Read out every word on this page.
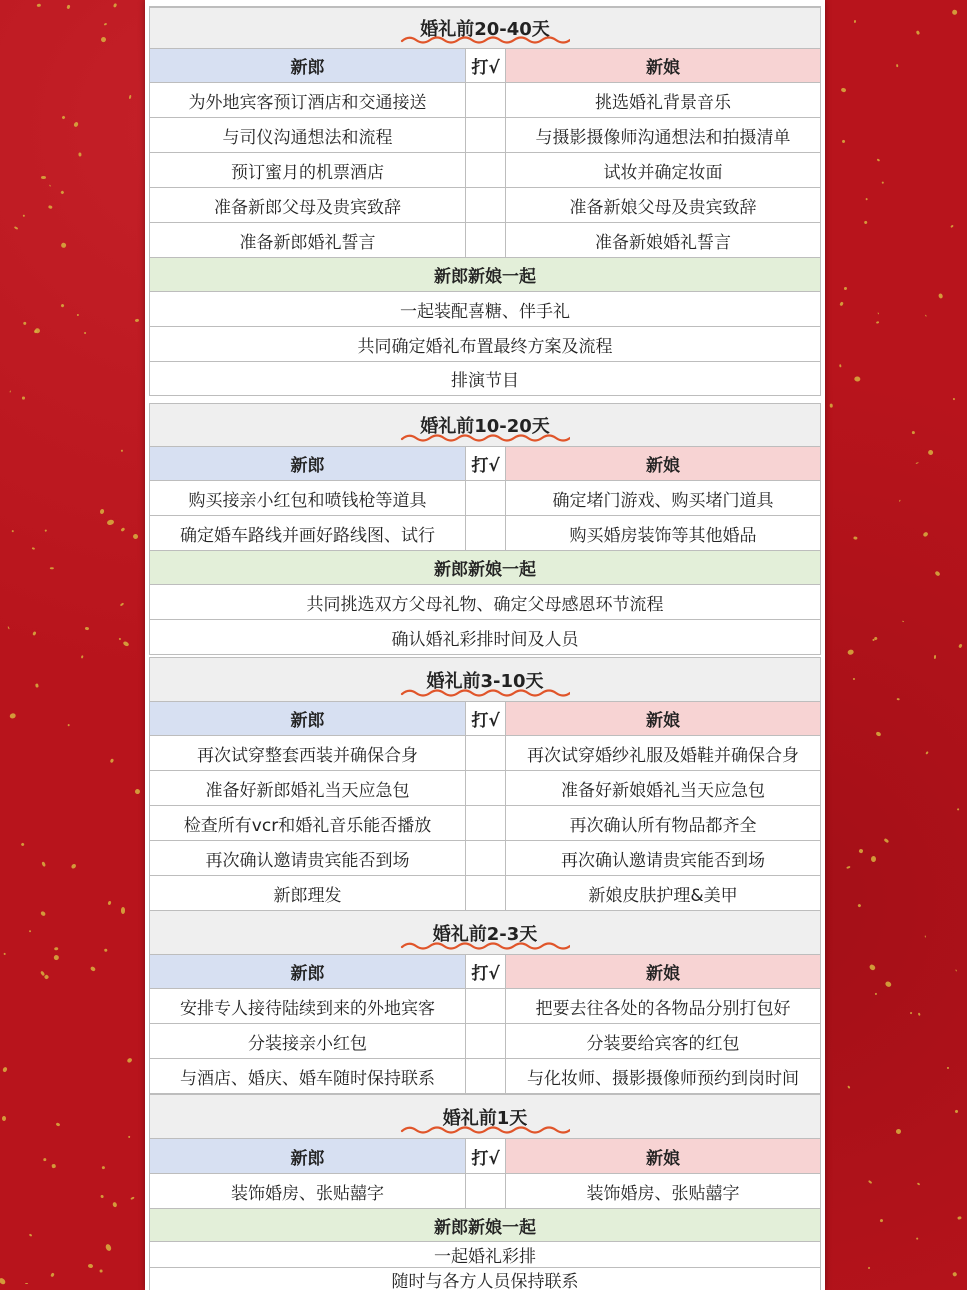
婚礼前20-40天
新郎	打√	新娘
为外地宾客预订酒店和交通接送	挑选婚礼背景音乐
与司仪沟通想法和流程	与摄影摄像师沟通想法和拍摄清单
预订蜜月的机票酒店	试妆并确定妆面
准备新郎父母及贵宾致辞	准备新娘父母及贵宾致辞
准备新郎婚礼誓言	准备新娘婚礼誓言
新郎新娘一起
一起装配喜糖、伴手礼
共同确定婚礼布置最终方案及流程
排演节目
婚礼前10-20天
新郎	打√	新娘
购买接亲小红包和喷钱枪等道具	确定堵门游戏、购买堵门道具
确定婚车路线并画好路线图、试行	购买婚房装饰等其他婚品
新郎新娘一起
共同挑选双方父母礼物、确定父母感恩环节流程
确认婚礼彩排时间及人员
婚礼前3-10天
新郎	打√	新娘
再次试穿整套西装并确保合身	再次试穿婚纱礼服及婚鞋并确保合身
准备好新郎婚礼当天应急包	准备好新娘婚礼当天应急包
检查所有vcr和婚礼音乐能否播放	再次确认所有物品都齐全
再次确认邀请贵宾能否到场	再次确认邀请贵宾能否到场
新郎理发	新娘皮肤护理&美甲
婚礼前2-3天
新郎	打√	新娘
安排专人接待陆续到来的外地宾客	把要去往各处的各物品分别打包好
分装接亲小红包	分装要给宾客的红包
与酒店、婚庆、婚车随时保持联系	与化妆师、摄影摄像师预约到岗时间
婚礼前1天
新郎	打√	新娘
装饰婚房、张贴囍字	装饰婚房、张贴囍字
新郎新娘一起
一起婚礼彩排
随时与各方人员保持联系
